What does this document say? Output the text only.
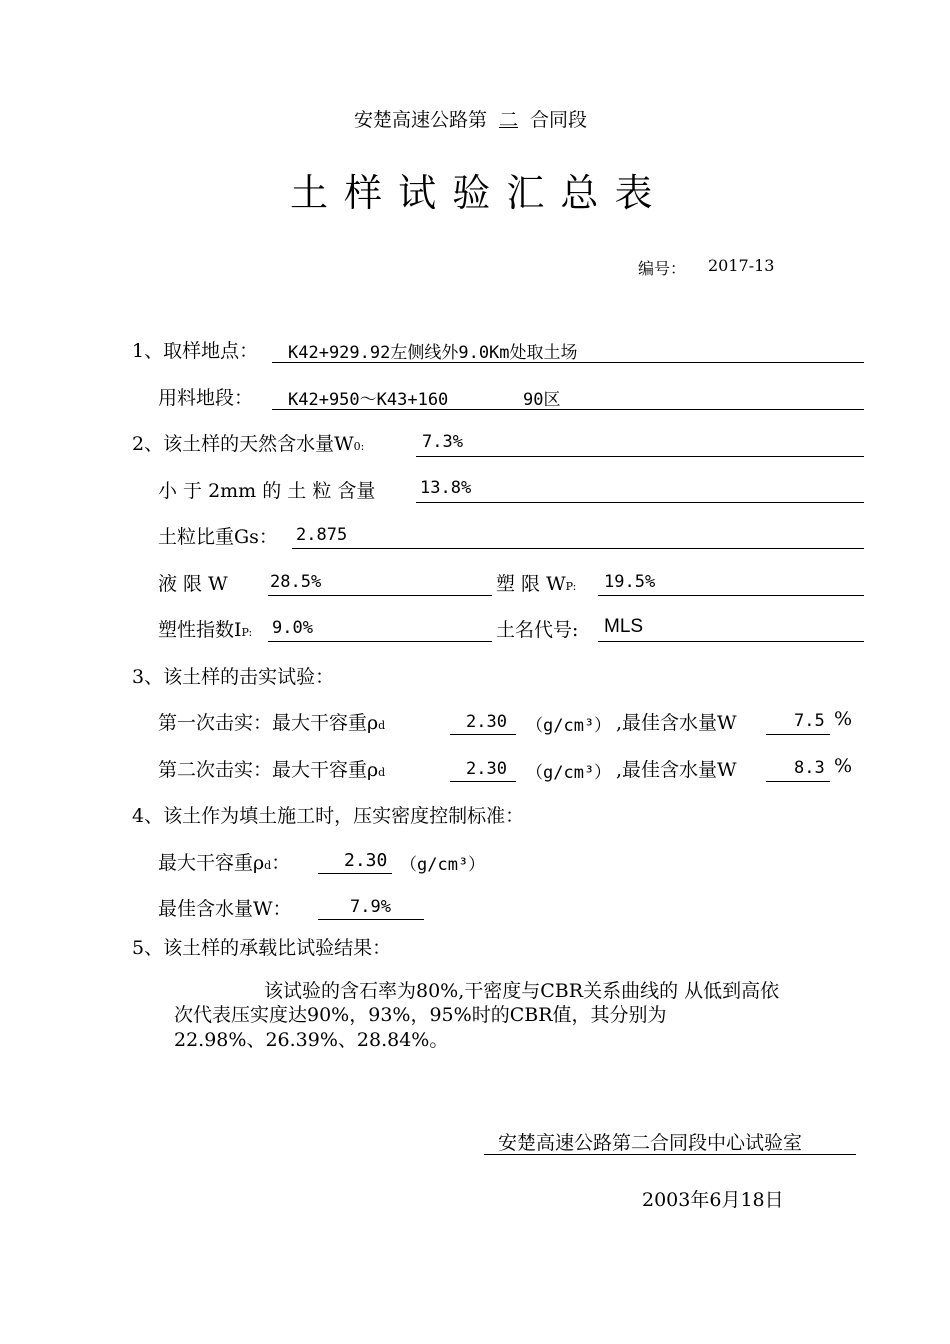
安楚高速公路第 二 合同段
土 样 试 验 汇 总 表
编号： 2017-13
1、取样地点： K42+929.92左侧线外9.0Km处取土场
用料地段： K42+950～K43+160	90区
2、该土样的天然含水量W0:	7.3%
小 于 2mm 的 土 粒 含量	13.8%
土粒比重Gs： 2.875
液 限 W 28.5%	塑 限 WP: 19.5%
塑性指数IP: 9.0%	土名代号: MLS
3、该土样的击实试验：
第一次击实：最大干容重ρd	2.30 （g/cm³） ,最佳含水量W	7.5 %
第二次击实：最大干容重ρd	2.30 （g/cm³） ,最佳含水量W	8.3 %
4、该土作为填土施工时，压实密度控制标准：
最大干容重ρd：	2.30 （g/cm³）
最佳含水量W：	7.9%
5、该土样的承载比试验结果：
该试验的含石率为80%,干密度与CBR关系曲线的 从低到高依
次代表压实度达90%，93%，95%时的CBR值，其分别为
22.98%、26.39%、28.84%。
安楚高速公路第二合同段中心试验室
2003年6月18日
